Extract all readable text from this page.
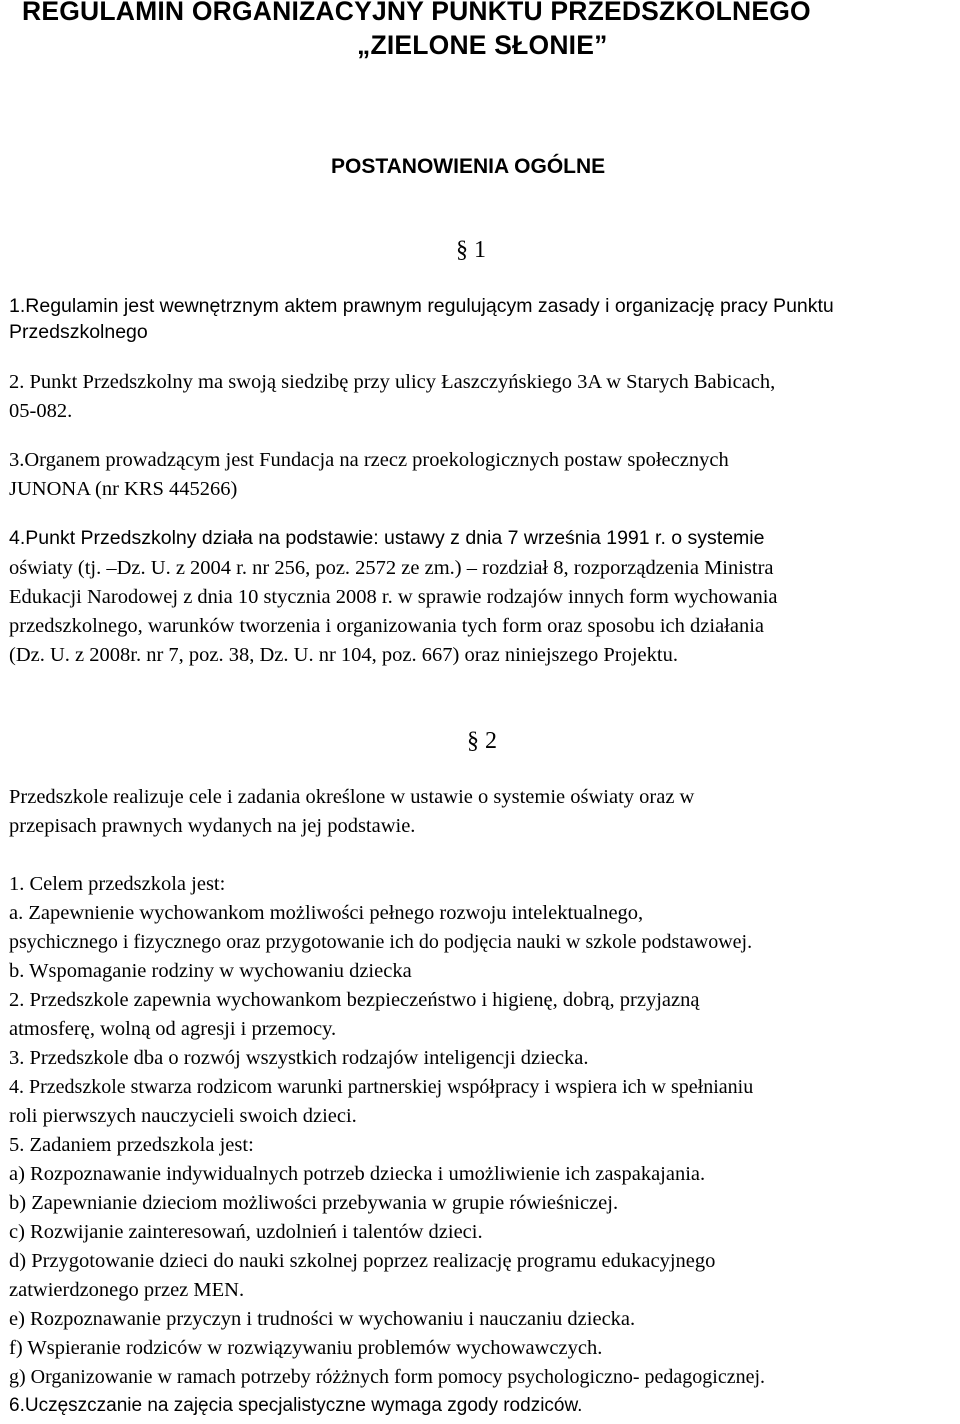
REGULAMIN ORGANIZACYJNY PUNKTU PRZEDSZKOLNEGO
„ZIELONE SŁONIE”
POSTANOWIENIA OGÓLNE
§ 1
1.Regulamin jest wewnętrznym aktem prawnym regulującym zasady i organizację pracy Punktu
Przedszkolnego
2. Punkt Przedszkolny ma swoją siedzibę przy ulicy Łaszczyńskiego 3A w Starych Babicach,
05-082.
3.Organem prowadzącym jest Fundacja na rzecz proekologicznych postaw społecznych
JUNONA (nr KRS 445266)
4.Punkt Przedszkolny działa na podstawie: ustawy z dnia 7 września 1991 r. o systemie
oświaty (tj. –Dz. U. z 2004 r. nr 256, poz. 2572 ze zm.) – rozdział 8, rozporządzenia Ministra
Edukacji Narodowej z dnia 10 stycznia 2008 r. w sprawie rodzajów innych form wychowania
przedszkolnego, warunków tworzenia i organizowania tych form oraz sposobu ich działania
(Dz. U. z 2008r. nr 7, poz. 38, Dz. U. nr 104, poz. 667) oraz niniejszego Projektu.
§ 2
Przedszkole realizuje cele i zadania określone w ustawie o systemie oświaty oraz w
przepisach prawnych wydanych na jej podstawie.
1. Celem przedszkola jest:
a. Zapewnienie wychowankom możliwości pełnego rozwoju intelektualnego,
psychicznego i fizycznego oraz przygotowanie ich do podjęcia nauki w szkole podstawowej.
b. Wspomaganie rodziny w wychowaniu dziecka
2. Przedszkole zapewnia wychowankom bezpieczeństwo i higienę, dobrą, przyjazną
atmosferę, wolną od agresji i przemocy.
3. Przedszkole dba o rozwój wszystkich rodzajów inteligencji dziecka.
4. Przedszkole stwarza rodzicom warunki partnerskiej współpracy i wspiera ich w spełnianiu
roli pierwszych nauczycieli swoich dzieci.
5. Zadaniem przedszkola jest:
a) Rozpoznawanie indywidualnych potrzeb dziecka i umożliwienie ich zaspakajania.
b) Zapewnianie dzieciom możliwości przebywania w grupie rówieśniczej.
c) Rozwijanie zainteresowań, uzdolnień i talentów dzieci.
d) Przygotowanie dzieci do nauki szkolnej poprzez realizację programu edukacyjnego
zatwierdzonego przez MEN.
e) Rozpoznawanie przyczyn i trudności w wychowaniu i nauczaniu dziecka.
f) Wspieranie rodziców w rozwiązywaniu problemów wychowawczych.
g) Organizowanie w ramach potrzeby różżnych form pomocy psychologiczno- pedagogicznej.
6.Uczęszczanie na zajęcia specjalistyczne wymaga zgody rodziców.
